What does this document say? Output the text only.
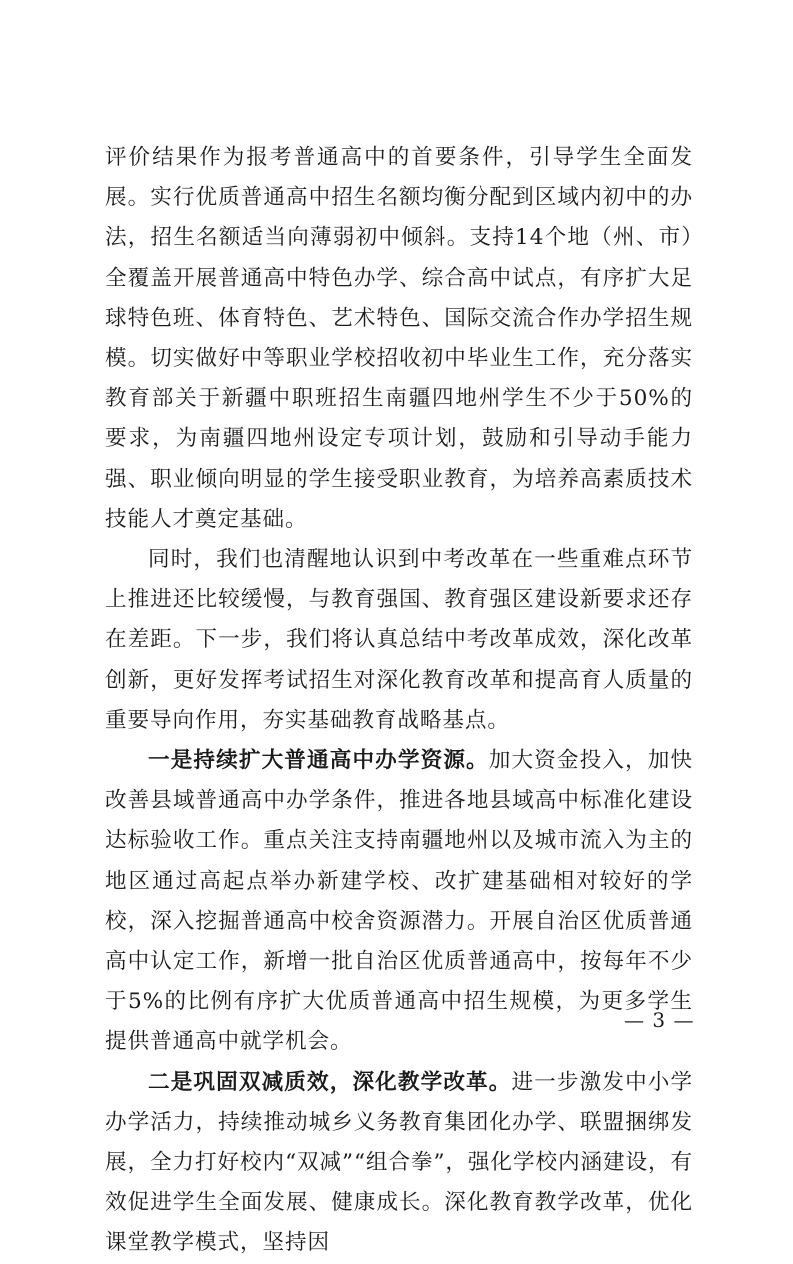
评价结果作为报考普通高中的首要条件，引导学生全面发展。实行优质普通高中招生名额均衡分配到区域内初中的办法，招生名额适当向薄弱初中倾斜。支持14个地（州、市）全覆盖开展普通高中特色办学、综合高中试点，有序扩大足球特色班、体育特色、艺术特色、国际交流合作办学招生规模。切实做好中等职业学校招收初中毕业生工作，充分落实教育部关于新疆中职班招生南疆四地州学生不少于50%的要求，为南疆四地州设定专项计划，鼓励和引导动手能力强、职业倾向明显的学生接受职业教育，为培养高素质技术技能人才奠定基础。

同时，我们也清醒地认识到中考改革在一些重难点环节上推进还比较缓慢，与教育强国、教育强区建设新要求还存在差距。下一步，我们将认真总结中考改革成效，深化改革创新，更好发挥考试招生对深化教育改革和提高育人质量的重要导向作用，夯实基础教育战略基点。

一是持续扩大普通高中办学资源。加大资金投入，加快改善县域普通高中办学条件，推进各地县域高中标准化建设达标验收工作。重点关注支持南疆地州以及城市流入为主的地区通过高起点举办新建学校、改扩建基础相对较好的学校，深入挖掘普通高中校舍资源潜力。开展自治区优质普通高中认定工作，新增一批自治区优质普通高中，按每年不少于5%的比例有序扩大优质普通高中招生规模，为更多学生提供普通高中就学机会。

二是巩固双减质效，深化教学改革。进一步激发中小学办学活力，持续推动城乡义务教育集团化办学、联盟捆绑发展，全力打好校内“双减”“组合拳”，强化学校内涵建设，有效促进学生全面发展、健康成长。深化教育教学改革，优化课堂教学模式，坚持因

— 3 —
